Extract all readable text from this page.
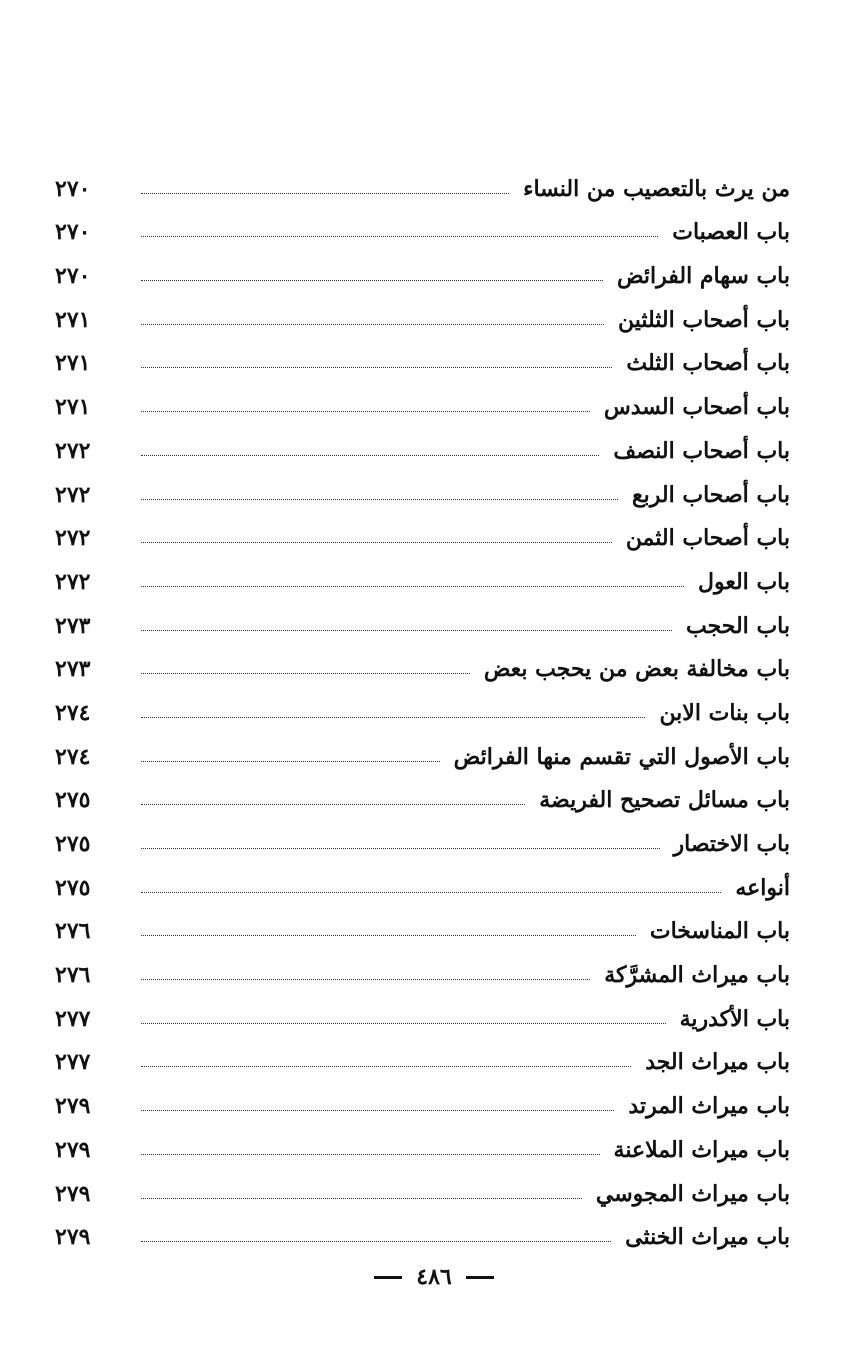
من يرث بالتعصيب من النساء
٢٧٠
باب العصبات
٢٧٠
باب سهام الفرائض
٢٧٠
باب أصحاب الثلثين
٢٧١
باب أصحاب الثلث
٢٧١
باب أصحاب السدس
٢٧١
باب أصحاب النصف
٢٧٢
باب أصحاب الربع
٢٧٢
باب أصحاب الثمن
٢٧٢
باب العول
٢٧٢
باب الحجب
٢٧٣
باب مخالفة بعض من يحجب بعض
٢٧٣
باب بنات الابن
٢٧٤
باب الأصول التي تقسم منها الفرائض
٢٧٤
باب مسائل تصحيح الفريضة
٢٧٥
باب الاختصار
٢٧٥
أنواعه
٢٧٥
باب المناسخات
٢٧٦
باب ميراث المشرَّكة
٢٧٦
باب الأكدرية
٢٧٧
باب ميراث الجد
٢٧٧
باب ميراث المرتد
٢٧٩
باب ميراث الملاعنة
٢٧٩
باب ميراث المجوسي
٢٧٩
باب ميراث الخنثى
٢٧٩
٤٨٦
